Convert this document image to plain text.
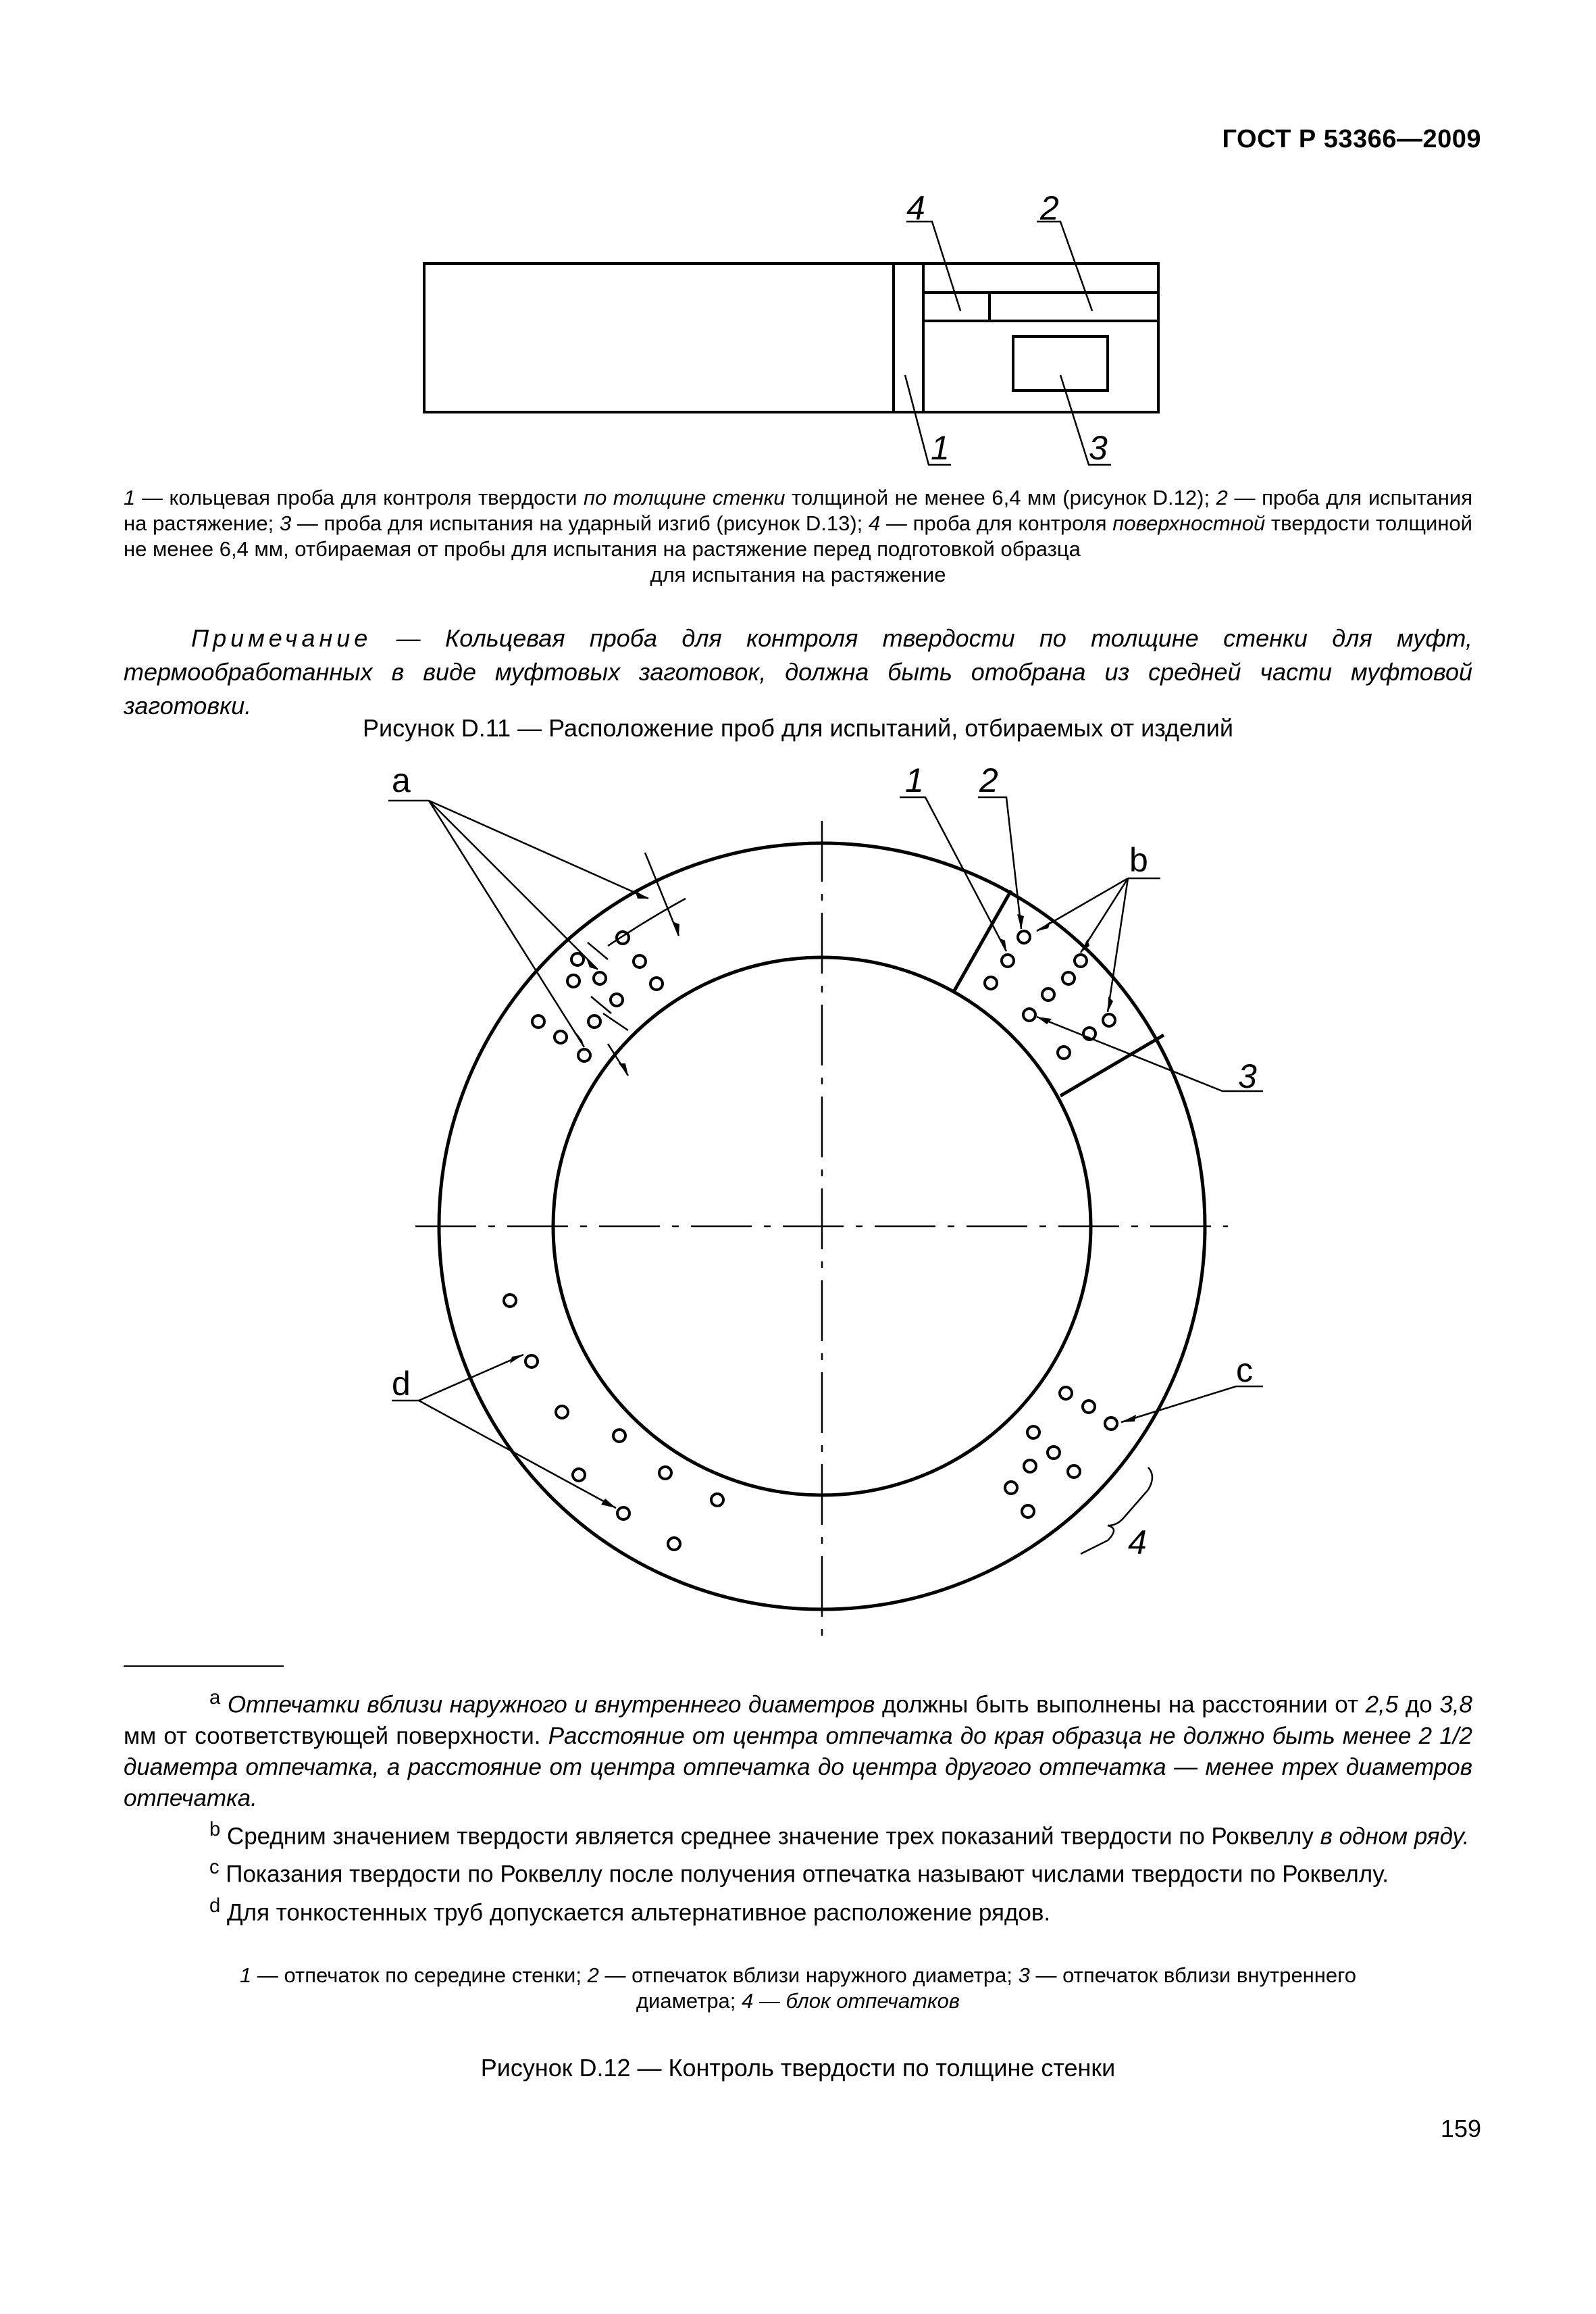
ГОСТ Р 53366—2009
4	2
1	3
1 — кольцевая проба для контроля твердости по толщине стенки толщиной не менее 6,4 мм (рисунок D.12); 2 — проба для испытания на растяжение; 3 — проба для испытания на ударный изгиб (рисунок D.13); 4 — проба для контроля поверхностной твердости толщиной не менее 6,4 мм, отбираемая от пробы для испытания на растяжение перед подготовкой образца
для испытания на растяжение
Примечание — Кольцевая проба для контроля твердости по толщине стенки для муфт, термообработанных в виде муфтовых заготовок, должна быть отобрана из средней части муфтовой заготовки.
Рисунок D.11 — Расположение проб для испытаний, отбираемых от изделий
a
b
c
d
1 2
3
4
$^a$ Отпечатки вблизи наружного и внутреннего диаметров должны быть выполнены на расстоянии от 2,5 до 3,8 мм от соответствующей поверхности. Расстояние от центра отпечатка до края образца не должно быть менее 2 1/2 диаметра отпечатка, а расстояние от центра отпечатка до центра другого отпечатка — менее трех диаметров отпечатка.
$^b$ Средним значением твердости является среднее значение трех показаний твердости по Роквеллу в одном ряду.
$^c$ Показания твердости по Роквеллу после получения отпечатка называют числами твердости по Роквеллу.
$^d$ Для тонкостенных труб допускается альтернативное расположение рядов.
1 — отпечаток по середине стенки; 2 — отпечаток вблизи наружного диаметра; 3 — отпечаток вблизи внутреннего
диаметра; 4 — блок отпечатков
Рисунок D.12 — Контроль твердости по толщине стенки
159
